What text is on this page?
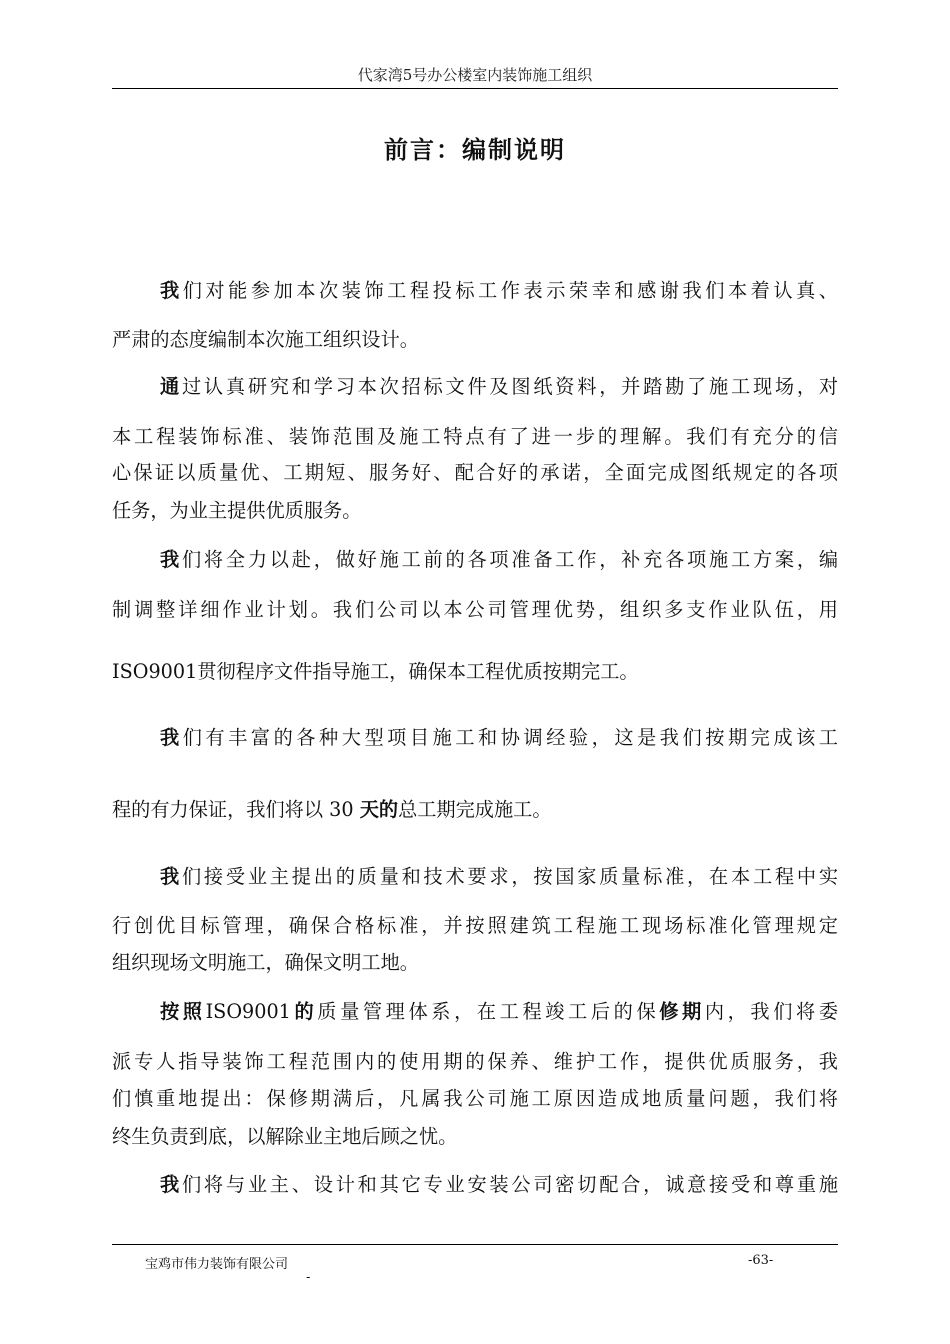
代家湾5号办公楼室内装饰施工组织
前言：编制说明
我们对能参加本次装饰工程投标工作表示荣幸和感谢我们本着认真、
严肃的态度编制本次施工组织设计。
通过认真研究和学习本次招标文件及图纸资料，并踏勘了施工现场，对
本工程装饰标准、装饰范围及施工特点有了进一步的理解。我们有充分的信
心保证以质量优、工期短、服务好、配合好的承诺，全面完成图纸规定的各项
任务，为业主提供优质服务。
我们将全力以赴，做好施工前的各项准备工作，补充各项施工方案，编
制调整详细作业计划。我们公司以本公司管理优势，组织多支作业队伍，用
ISO9001贯彻程序文件指导施工，确保本工程优质按期完工。
我们有丰富的各种大型项目施工和协调经验，这是我们按期完成该工
程的有力保证，我们将以 30 天的总工期完成施工。
我们接受业主提出的质量和技术要求，按国家质量标准，在本工程中实
行创优目标管理，确保合格标准，并按照建筑工程施工现场标准化管理规定
组织现场文明施工，确保文明工地。
按照ISO9001的质量管理体系，在工程竣工后的保修期内，我们将委
派专人指导装饰工程范围内的使用期的保养、维护工作，提供优质服务，我
们慎重地提出：保修期满后，凡属我公司施工原因造成地质量问题，我们将
终生负责到底，以解除业主地后顾之忧。
我们将与业主、设计和其它专业安装公司密切配合，诚意接受和尊重施
宝鸡市伟力装饰有限公司	-63-
-
